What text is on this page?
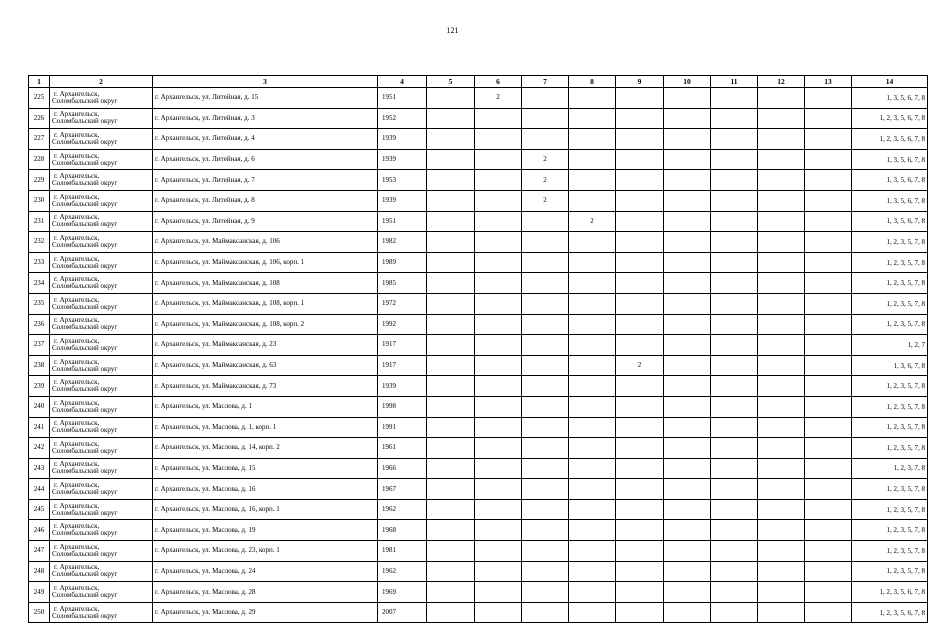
121
1	2	3	4	5	6	7	8	9	10	11	12	13	14
225	г. Архангельск,
Соломбальский округ	г. Архангельск, ул. Литейная, д. 15	1951		2								1, 3, 5, 6, 7, 8
226	г. Архангельск,
Соломбальский округ	г. Архангельск, ул. Литейная, д. 3	1952										1, 2, 3, 5, 6, 7, 8
227	г. Архангельск,
Соломбальский округ	г. Архангельск, ул. Литейная, д. 4	1939										1, 2, 3, 5, 6, 7, 8
228	г. Архангельск,
Соломбальский округ	г. Архангельск, ул. Литейная, д. 6	1939			2							1, 3, 5, 6, 7, 8
229	г. Архангельск,
Соломбальский округ	г. Архангельск, ул. Литейная, д. 7	1953			2							1, 3, 5, 6, 7, 8
230	г. Архангельск,
Соломбальский округ	г. Архангельск, ул. Литейная, д. 8	1939			2							1, 3, 5, 6, 7, 8
231	г. Архангельск,
Соломбальский округ	г. Архангельск, ул. Литейная, д. 9	1951				2						1, 3, 5, 6, 7, 8
232	г. Архангельск,
Соломбальский округ	г. Архангельск, ул. Маймаксанская, д. 106	1982										1, 2, 3, 5, 7, 8
233	г. Архангельск,
Соломбальский округ	г. Архангельск, ул. Маймаксанская, д. 106, корп. 1	1989										1, 2, 3, 5, 7, 8
234	г. Архангельск,
Соломбальский округ	г. Архангельск, ул. Маймаксанская, д. 108	1985										1, 2, 3, 5, 7, 8
235	г. Архангельск,
Соломбальский округ	г. Архангельск, ул. Маймаксанская, д. 108, корп. 1	1972										1, 2, 3, 5, 7, 8
236	г. Архангельск,
Соломбальский округ	г. Архангельск, ул. Маймаксанская, д. 108, корп. 2	1992										1, 2, 3, 5, 7, 8
237	г. Архангельск,
Соломбальский округ	г. Архангельск, ул. Маймаксанская, д. 23	1917										1, 2, 7
238	г. Архангельск,
Соломбальский округ	г. Архангельск, ул. Маймаксанская, д. 63	1917					2					1, 3, 6, 7, 8
239	г. Архангельск,
Соломбальский округ	г. Архангельск, ул. Маймаксанская, д. 73	1939										1, 2, 3, 5, 7, 8
240	г. Архангельск,
Соломбальский округ	г. Архангельск, ул. Маслова, д. 1	1998										1, 2, 3, 5, 7, 8
241	г. Архангельск,
Соломбальский округ	г. Архангельск, ул. Маслова, д. 1, корп. 1	1991										1, 2, 3, 5, 7, 8
242	г. Архангельск,
Соломбальский округ	г. Архангельск, ул. Маслова, д. 14, корп. 2	1961										1, 2, 3, 5, 7, 8
243	г. Архангельск,
Соломбальский округ	г. Архангельск, ул. Маслова, д. 15	1966										1, 2, 3, 7, 8
244	г. Архангельск,
Соломбальский округ	г. Архангельск, ул. Маслова, д. 16	1967										1, 2, 3, 5, 7, 8
245	г. Архангельск,
Соломбальский округ	г. Архангельск, ул. Маслова, д. 16, корп. 1	1962										1, 2, 3, 5, 7, 8
246	г. Архангельск,
Соломбальский округ	г. Архангельск, ул. Маслова, д. 19	1968										1, 2, 3, 5, 7, 8
247	г. Архангельск,
Соломбальский округ	г. Архангельск, ул. Маслова, д. 23, корп. 1	1981										1, 2, 3, 5, 7, 8
248	г. Архангельск,
Соломбальский округ	г. Архангельск, ул. Маслова, д. 24	1962										1, 2, 3, 5, 7, 8
249	г. Архангельск,
Соломбальский округ	г. Архангельск, ул. Маслова, д. 28	1969										1, 2, 3, 5, 6, 7, 8
250	г. Архангельск,
Соломбальский округ	г. Архангельск, ул. Маслова, д. 29	2007										1, 2, 3, 5, 6, 7, 8
